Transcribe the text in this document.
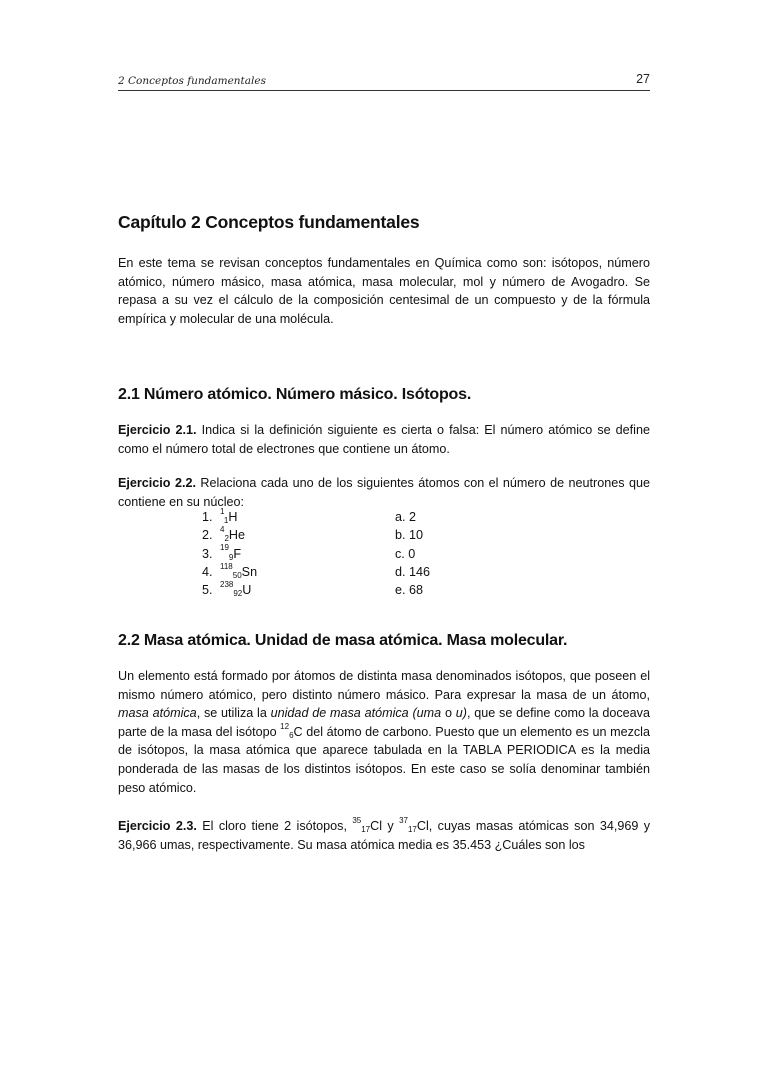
2 Conceptos fundamentales	27
Capítulo 2 Conceptos fundamentales

En este tema se revisan conceptos fundamentales en Química como son: isótopos, número atómico, número másico, masa atómica, masa molecular, mol y número de Avogadro. Se repasa a su vez el cálculo de la composición centesimal de un compuesto y de la fórmula empírica y molecular de una molécula.

2.1 Número atómico. Número másico. Isótopos.

Ejercicio 2.1. Indica si la definición siguiente es cierta o falsa: El número atómico se define como el número total de electrones que contiene un átomo.

Ejercicio 2.2. Relaciona cada uno de los siguientes átomos con el número de neutrones que contiene en su núcleo:

1. $^1_1$H	a. 2
2. $^4_2$He	b. 10
3. $^{19}_9$F	c. 0
4. $^{118}_{50}$Sn	d. 146
5. $^{238}_{92}$U	e. 68
2.2 Masa atómica. Unidad de masa atómica. Masa molecular.

Un elemento está formado por átomos de distinta masa denominados isótopos, que poseen el mismo número atómico, pero distinto número másico. Para expresar la masa de un átomo, masa atómica, se utiliza la unidad de masa atómica (uma o u), que se define como la doceava parte de la masa del isótopo $^{12}_6$C del átomo de carbono. Puesto que un elemento es un mezcla de isótopos, la masa atómica que aparece tabulada en la TABLA PERIODICA es la media ponderada de las masas de los distintos isótopos. En este caso se solía denominar también peso atómico.

Ejercicio 2.3. El cloro tiene 2 isótopos, $^{35}_{17}$Cl y $^{37}_{17}$Cl, cuyas masas atómicas son 34,969 y 36,966 umas, respectivamente. Su masa atómica media es 35.453 ¿Cuáles son los
